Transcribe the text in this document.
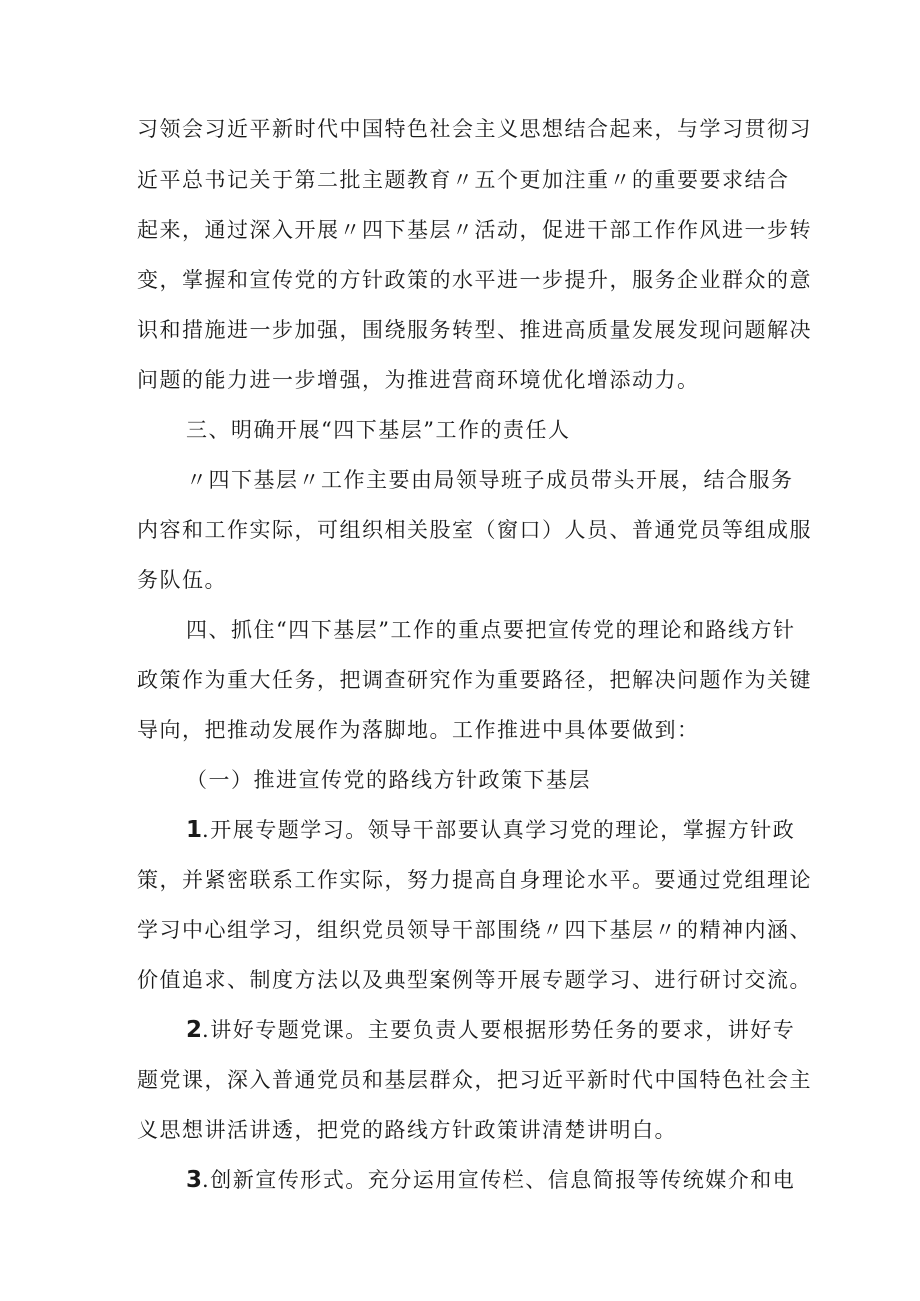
习领会习近平新时代中国特色社会主义思想结合起来，与学习贯彻习

近平总书记关于第二批主题教育〃五个更加注重〃的重要要求结合

起来，通过深入开展〃四下基层〃活动，促进干部工作作风进一步转

变，掌握和宣传党的方针政策的水平进一步提升，服务企业群众的意

识和措施进一步加强，围绕服务转型、推进高质量发展发现问题解决

问题的能力进一步增强，为推进营商环境优化增添动力。

三、明确开展“四下基层”工作的责任人

〃四下基层〃工作主要由局领导班子成员带头开展，结合服务

内容和工作实际，可组织相关股室（窗口）人员、普通党员等组成服

务队伍。

四、抓住“四下基层”工作的重点要把宣传党的理论和路线方针

政策作为重大任务，把调查研究作为重要路径，把解决问题作为关键

导向，把推动发展作为落脚地。工作推进中具体要做到：

（一）推进宣传党的路线方针政策下基层

1.开展专题学习。领导干部要认真学习党的理论，掌握方针政

策，并紧密联系工作实际，努力提高自身理论水平。要通过党组理论

学习中心组学习，组织党员领导干部围绕〃四下基层〃的精神内涵、

价值追求、制度方法以及典型案例等开展专题学习、进行研讨交流。

2.讲好专题党课。主要负责人要根据形势任务的要求，讲好专

题党课，深入普通党员和基层群众，把习近平新时代中国特色社会主

义思想讲活讲透，把党的路线方针政策讲清楚讲明白。

3.创新宣传形式。充分运用宣传栏、信息简报等传统媒介和电
